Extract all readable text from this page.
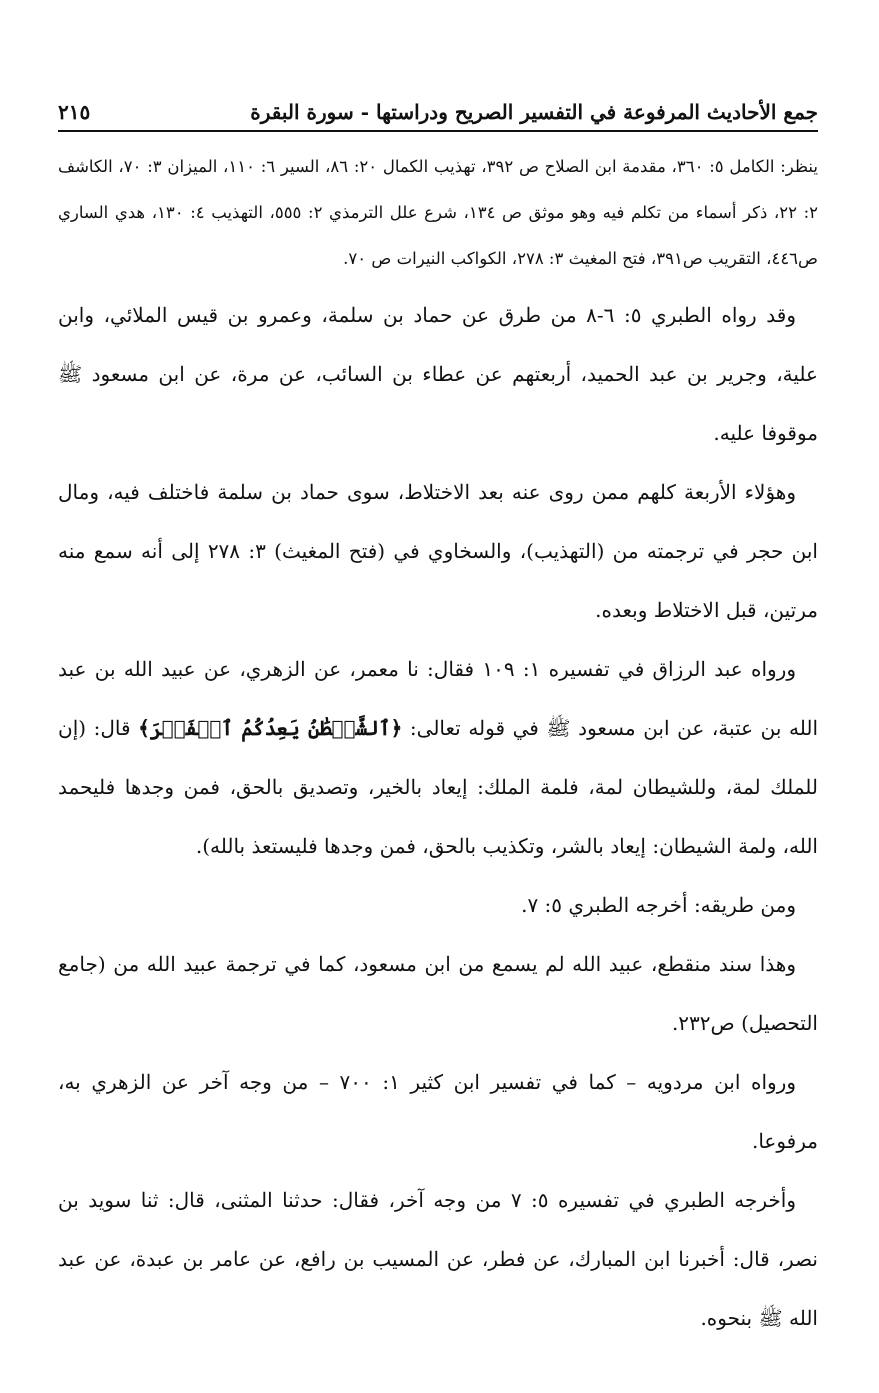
جمع الأحاديث المرفوعة في التفسير الصريح ودراستها - سورة البقرة
٢١٥
ينظر: الكامل ٥: ٣٦٠، مقدمة ابن الصلاح ص ٣٩٢، تهذيب الكمال ٢٠: ٨٦، السير ٦: ١١٠، الميزان ٣: ٧٠، الكاشف ٢: ٢٢، ذكر أسماء من تكلم فيه وهو موثق ص ١٣٤، شرع علل الترمذي ٢: ٥٥٥، التهذيب ٤: ١٣٠، هدي الساري ص٤٤٦، التقريب ص٣٩١، فتح المغيث ٣: ٢٧٨، الكواكب النيرات ص ٧٠.

وقد رواه الطبري ٥: ٦-٨ من طرق عن حماد بن سلمة، وعمرو بن قيس الملائي، وابن علية، وجرير بن عبد الحميد، أربعتهم عن عطاء بن السائب، عن مرة، عن ابن مسعود ﷺ موقوفا عليه.

وهؤلاء الأربعة كلهم ممن روى عنه بعد الاختلاط، سوى حماد بن سلمة فاختلف فيه، ومال ابن حجر في ترجمته من (التهذيب)، والسخاوي في (فتح المغيث) ٣: ٢٧٨ إلى أنه سمع منه مرتين، قبل الاختلاط وبعده.

ورواه عبد الرزاق في تفسيره ١: ١٠٩ فقال: نا معمر، عن الزهري، عن عبيد الله بن عبد الله بن عتبة، عن ابن مسعود ﷺ في قوله تعالى: ﴿ٱلشَّيۡطَٰنُ يَعِدُكُمُ ٱلۡفَقۡرَ﴾ قال: (إن للملك لمة، وللشيطان لمة، فلمة الملك: إيعاد بالخير، وتصديق بالحق، فمن وجدها فليحمد الله، ولمة الشيطان: إيعاد بالشر، وتكذيب بالحق، فمن وجدها فليستعذ بالله).

ومن طريقه: أخرجه الطبري ٥: ٧.

وهذا سند منقطع، عبيد الله لم يسمع من ابن مسعود، كما في ترجمة عبيد الله من (جامع التحصيل) ص٢٣٢.

ورواه ابن مردويه – كما في تفسير ابن كثير ١: ٧٠٠ – من وجه آخر عن الزهري به، مرفوعا.

وأخرجه الطبري في تفسيره ٥: ٧ من وجه آخر، فقال: حدثنا المثنى، قال: ثنا سويد بن نصر، قال: أخبرنا ابن المبارك، عن فطر، عن المسيب بن رافع، عن عامر بن عبدة، عن عبد الله ﷺ بنحوه.
